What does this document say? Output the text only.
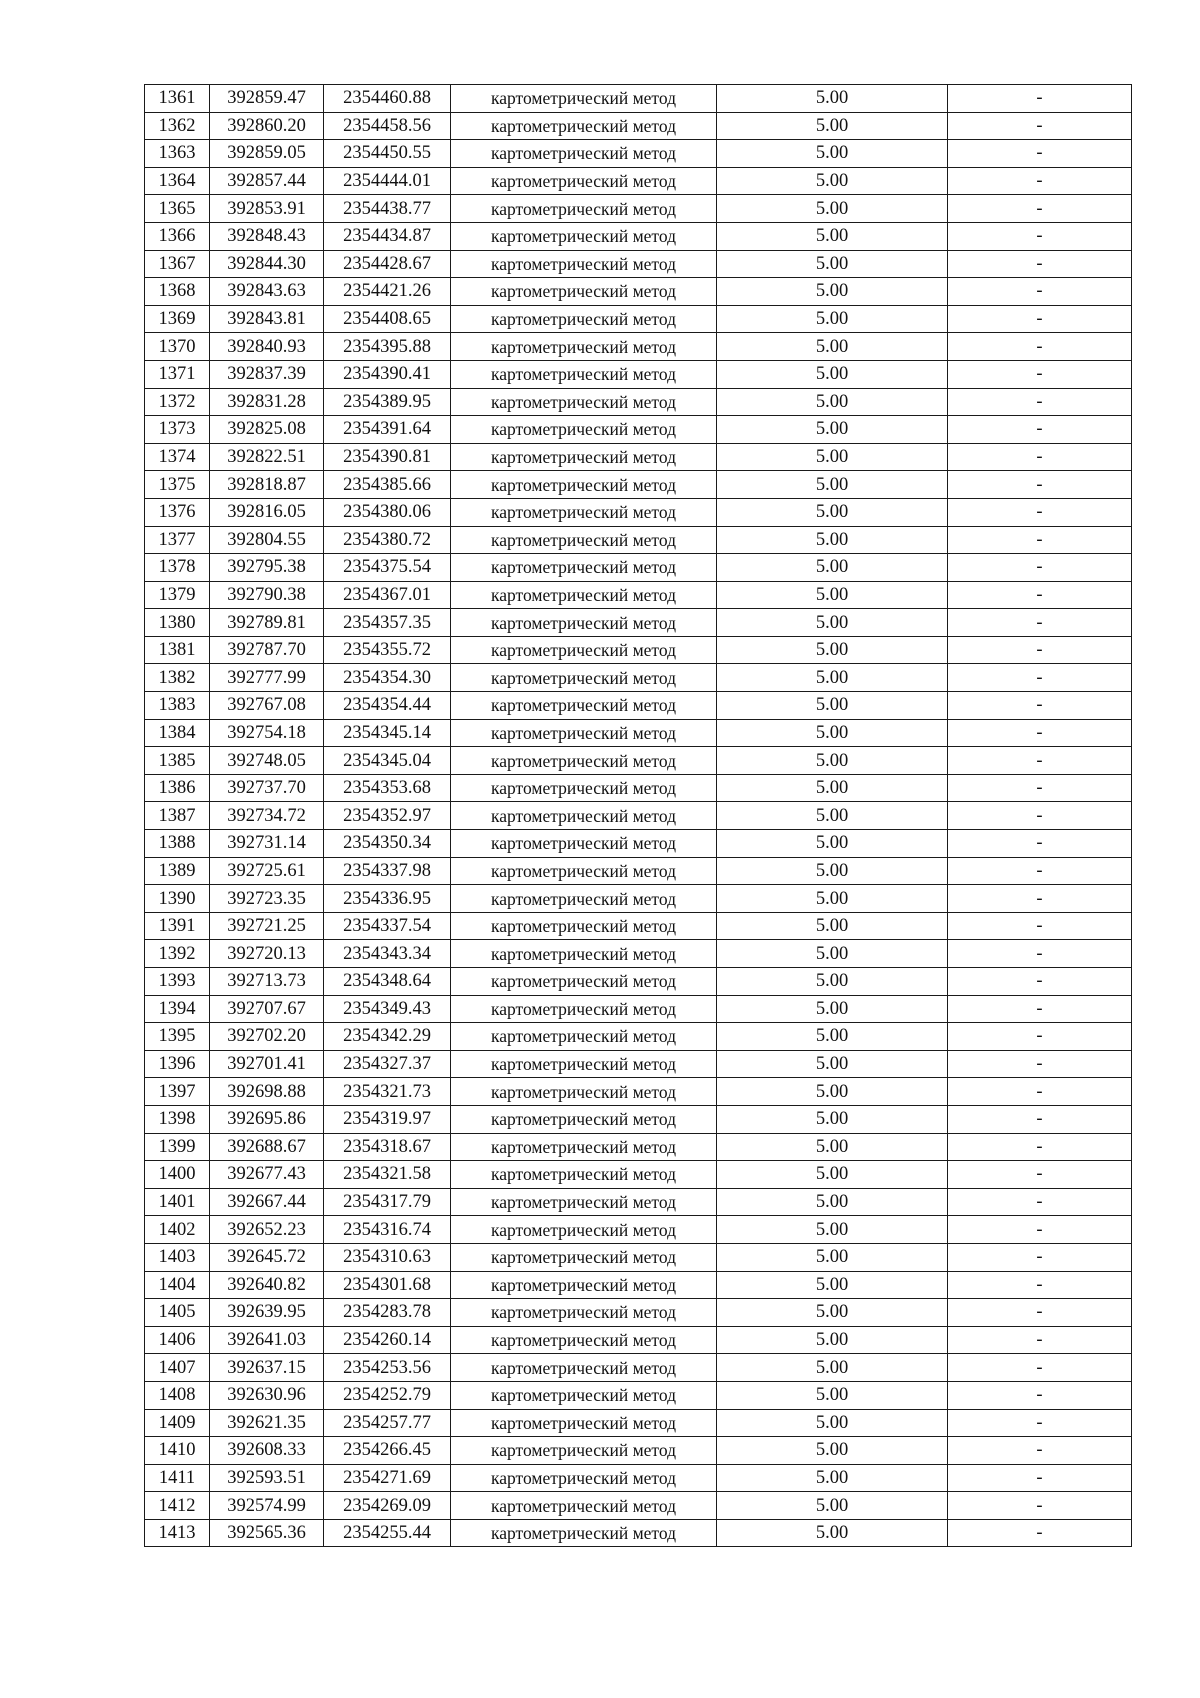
1361	392859.47	2354460.88	картометрический метод	5.00	-
1362	392860.20	2354458.56	картометрический метод	5.00	-
1363	392859.05	2354450.55	картометрический метод	5.00	-
1364	392857.44	2354444.01	картометрический метод	5.00	-
1365	392853.91	2354438.77	картометрический метод	5.00	-
1366	392848.43	2354434.87	картометрический метод	5.00	-
1367	392844.30	2354428.67	картометрический метод	5.00	-
1368	392843.63	2354421.26	картометрический метод	5.00	-
1369	392843.81	2354408.65	картометрический метод	5.00	-
1370	392840.93	2354395.88	картометрический метод	5.00	-
1371	392837.39	2354390.41	картометрический метод	5.00	-
1372	392831.28	2354389.95	картометрический метод	5.00	-
1373	392825.08	2354391.64	картометрический метод	5.00	-
1374	392822.51	2354390.81	картометрический метод	5.00	-
1375	392818.87	2354385.66	картометрический метод	5.00	-
1376	392816.05	2354380.06	картометрический метод	5.00	-
1377	392804.55	2354380.72	картометрический метод	5.00	-
1378	392795.38	2354375.54	картометрический метод	5.00	-
1379	392790.38	2354367.01	картометрический метод	5.00	-
1380	392789.81	2354357.35	картометрический метод	5.00	-
1381	392787.70	2354355.72	картометрический метод	5.00	-
1382	392777.99	2354354.30	картометрический метод	5.00	-
1383	392767.08	2354354.44	картометрический метод	5.00	-
1384	392754.18	2354345.14	картометрический метод	5.00	-
1385	392748.05	2354345.04	картометрический метод	5.00	-
1386	392737.70	2354353.68	картометрический метод	5.00	-
1387	392734.72	2354352.97	картометрический метод	5.00	-
1388	392731.14	2354350.34	картометрический метод	5.00	-
1389	392725.61	2354337.98	картометрический метод	5.00	-
1390	392723.35	2354336.95	картометрический метод	5.00	-
1391	392721.25	2354337.54	картометрический метод	5.00	-
1392	392720.13	2354343.34	картометрический метод	5.00	-
1393	392713.73	2354348.64	картометрический метод	5.00	-
1394	392707.67	2354349.43	картометрический метод	5.00	-
1395	392702.20	2354342.29	картометрический метод	5.00	-
1396	392701.41	2354327.37	картометрический метод	5.00	-
1397	392698.88	2354321.73	картометрический метод	5.00	-
1398	392695.86	2354319.97	картометрический метод	5.00	-
1399	392688.67	2354318.67	картометрический метод	5.00	-
1400	392677.43	2354321.58	картометрический метод	5.00	-
1401	392667.44	2354317.79	картометрический метод	5.00	-
1402	392652.23	2354316.74	картометрический метод	5.00	-
1403	392645.72	2354310.63	картометрический метод	5.00	-
1404	392640.82	2354301.68	картометрический метод	5.00	-
1405	392639.95	2354283.78	картометрический метод	5.00	-
1406	392641.03	2354260.14	картометрический метод	5.00	-
1407	392637.15	2354253.56	картометрический метод	5.00	-
1408	392630.96	2354252.79	картометрический метод	5.00	-
1409	392621.35	2354257.77	картометрический метод	5.00	-
1410	392608.33	2354266.45	картометрический метод	5.00	-
1411	392593.51	2354271.69	картометрический метод	5.00	-
1412	392574.99	2354269.09	картометрический метод	5.00	-
1413	392565.36	2354255.44	картометрический метод	5.00	-
